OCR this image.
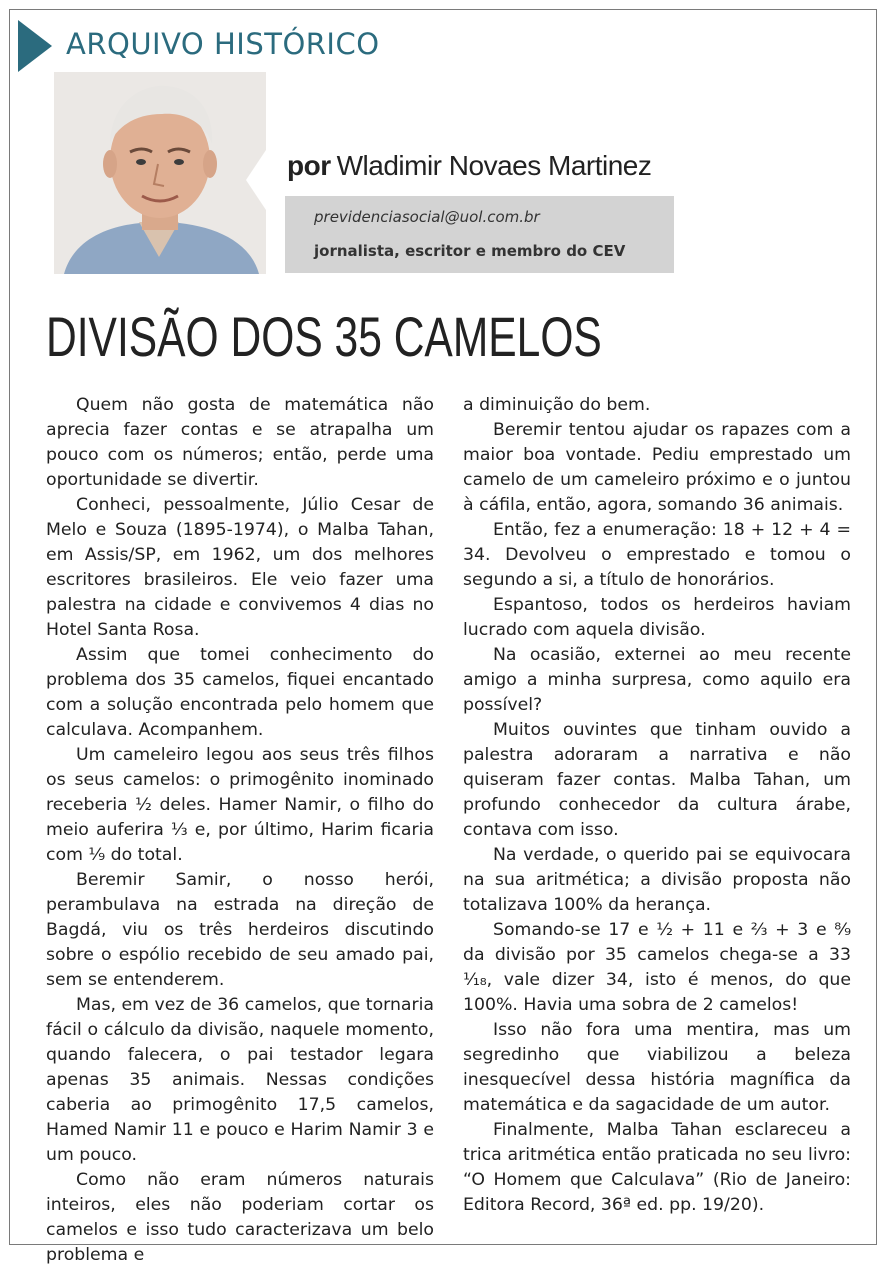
ARQUIVO HISTÓRICO
por Wladimir Novaes Martinez
previdenciasocial@uol.com.br
jornalista, escritor e membro do CEV
DIVISÃO DOS 35 CAMELOS

Quem não gosta de matemática não aprecia fazer contas e se atrapalha um pouco com os números; então, perde uma oportunidade se divertir.

Conheci, pessoalmente, Júlio Cesar de Melo e Souza (1895-1974), o Malba Tahan, em Assis/SP, em 1962, um dos melhores escritores brasileiros. Ele veio fazer uma palestra na cidade e convivemos 4 dias no Hotel Santa Rosa.

Assim que tomei conhecimento do problema dos 35 camelos, fiquei encantado com a solução encontrada pelo homem que calculava. Acompanhem.

Um cameleiro legou aos seus três filhos os seus camelos: o primogênito inominado receberia ½ deles. Hamer Namir, o filho do meio auferira ⅓ e, por último, Harim ficaria com ⅑ do total.

Beremir Samir, o nosso herói, perambulava na estrada na direção de Bagdá, viu os três herdeiros discutindo sobre o espólio recebido de seu amado pai, sem se entenderem.

Mas, em vez de 36 camelos, que tornaria fácil o cálculo da divisão, naquele momento, quando falecera, o pai testador legara apenas 35 animais. Nessas condições caberia ao primogênito 17,5 camelos, Hamed Namir 11 e pouco e Harim Namir 3 e um pouco.

Como não eram números naturais inteiros, eles não poderiam cortar os camelos e isso tudo caracterizava um belo problema e

a diminuição do bem.

Beremir tentou ajudar os rapazes com a maior boa vontade. Pediu emprestado um camelo de um cameleiro próximo e o juntou à cáfila, então, agora, somando 36 animais.

Então, fez a enumeração: 18 + 12 + 4 = 34. Devolveu o emprestado e tomou o segundo a si, a título de honorários.

Espantoso, todos os herdeiros haviam lucrado com aquela divisão.

Na ocasião, externei ao meu recente amigo a minha surpresa, como aquilo era possível?

Muitos ouvintes que tinham ouvido a palestra adoraram a narrativa e não quiseram fazer contas. Malba Tahan, um profundo conhecedor da cultura árabe, contava com isso.

Na verdade, o querido pai se equivocara na sua aritmética; a divisão proposta não totalizava 100% da herança.

Somando-se 17 e ½ + 11 e ⅔ + 3 e ⁸⁄₉ da divisão por 35 camelos chega-se a 33 ¹⁄₁₈, vale dizer 34, isto é menos, do que 100%. Havia uma sobra de 2 camelos!

Isso não fora uma mentira, mas um segredinho que viabilizou a beleza inesquecível dessa história magnífica da matemática e da sagacidade de um autor.

Finalmente, Malba Tahan esclareceu a trica aritmética então praticada no seu livro: “O Homem que Calculava” (Rio de Janeiro: Editora Record, 36ª ed. pp. 19/20).
